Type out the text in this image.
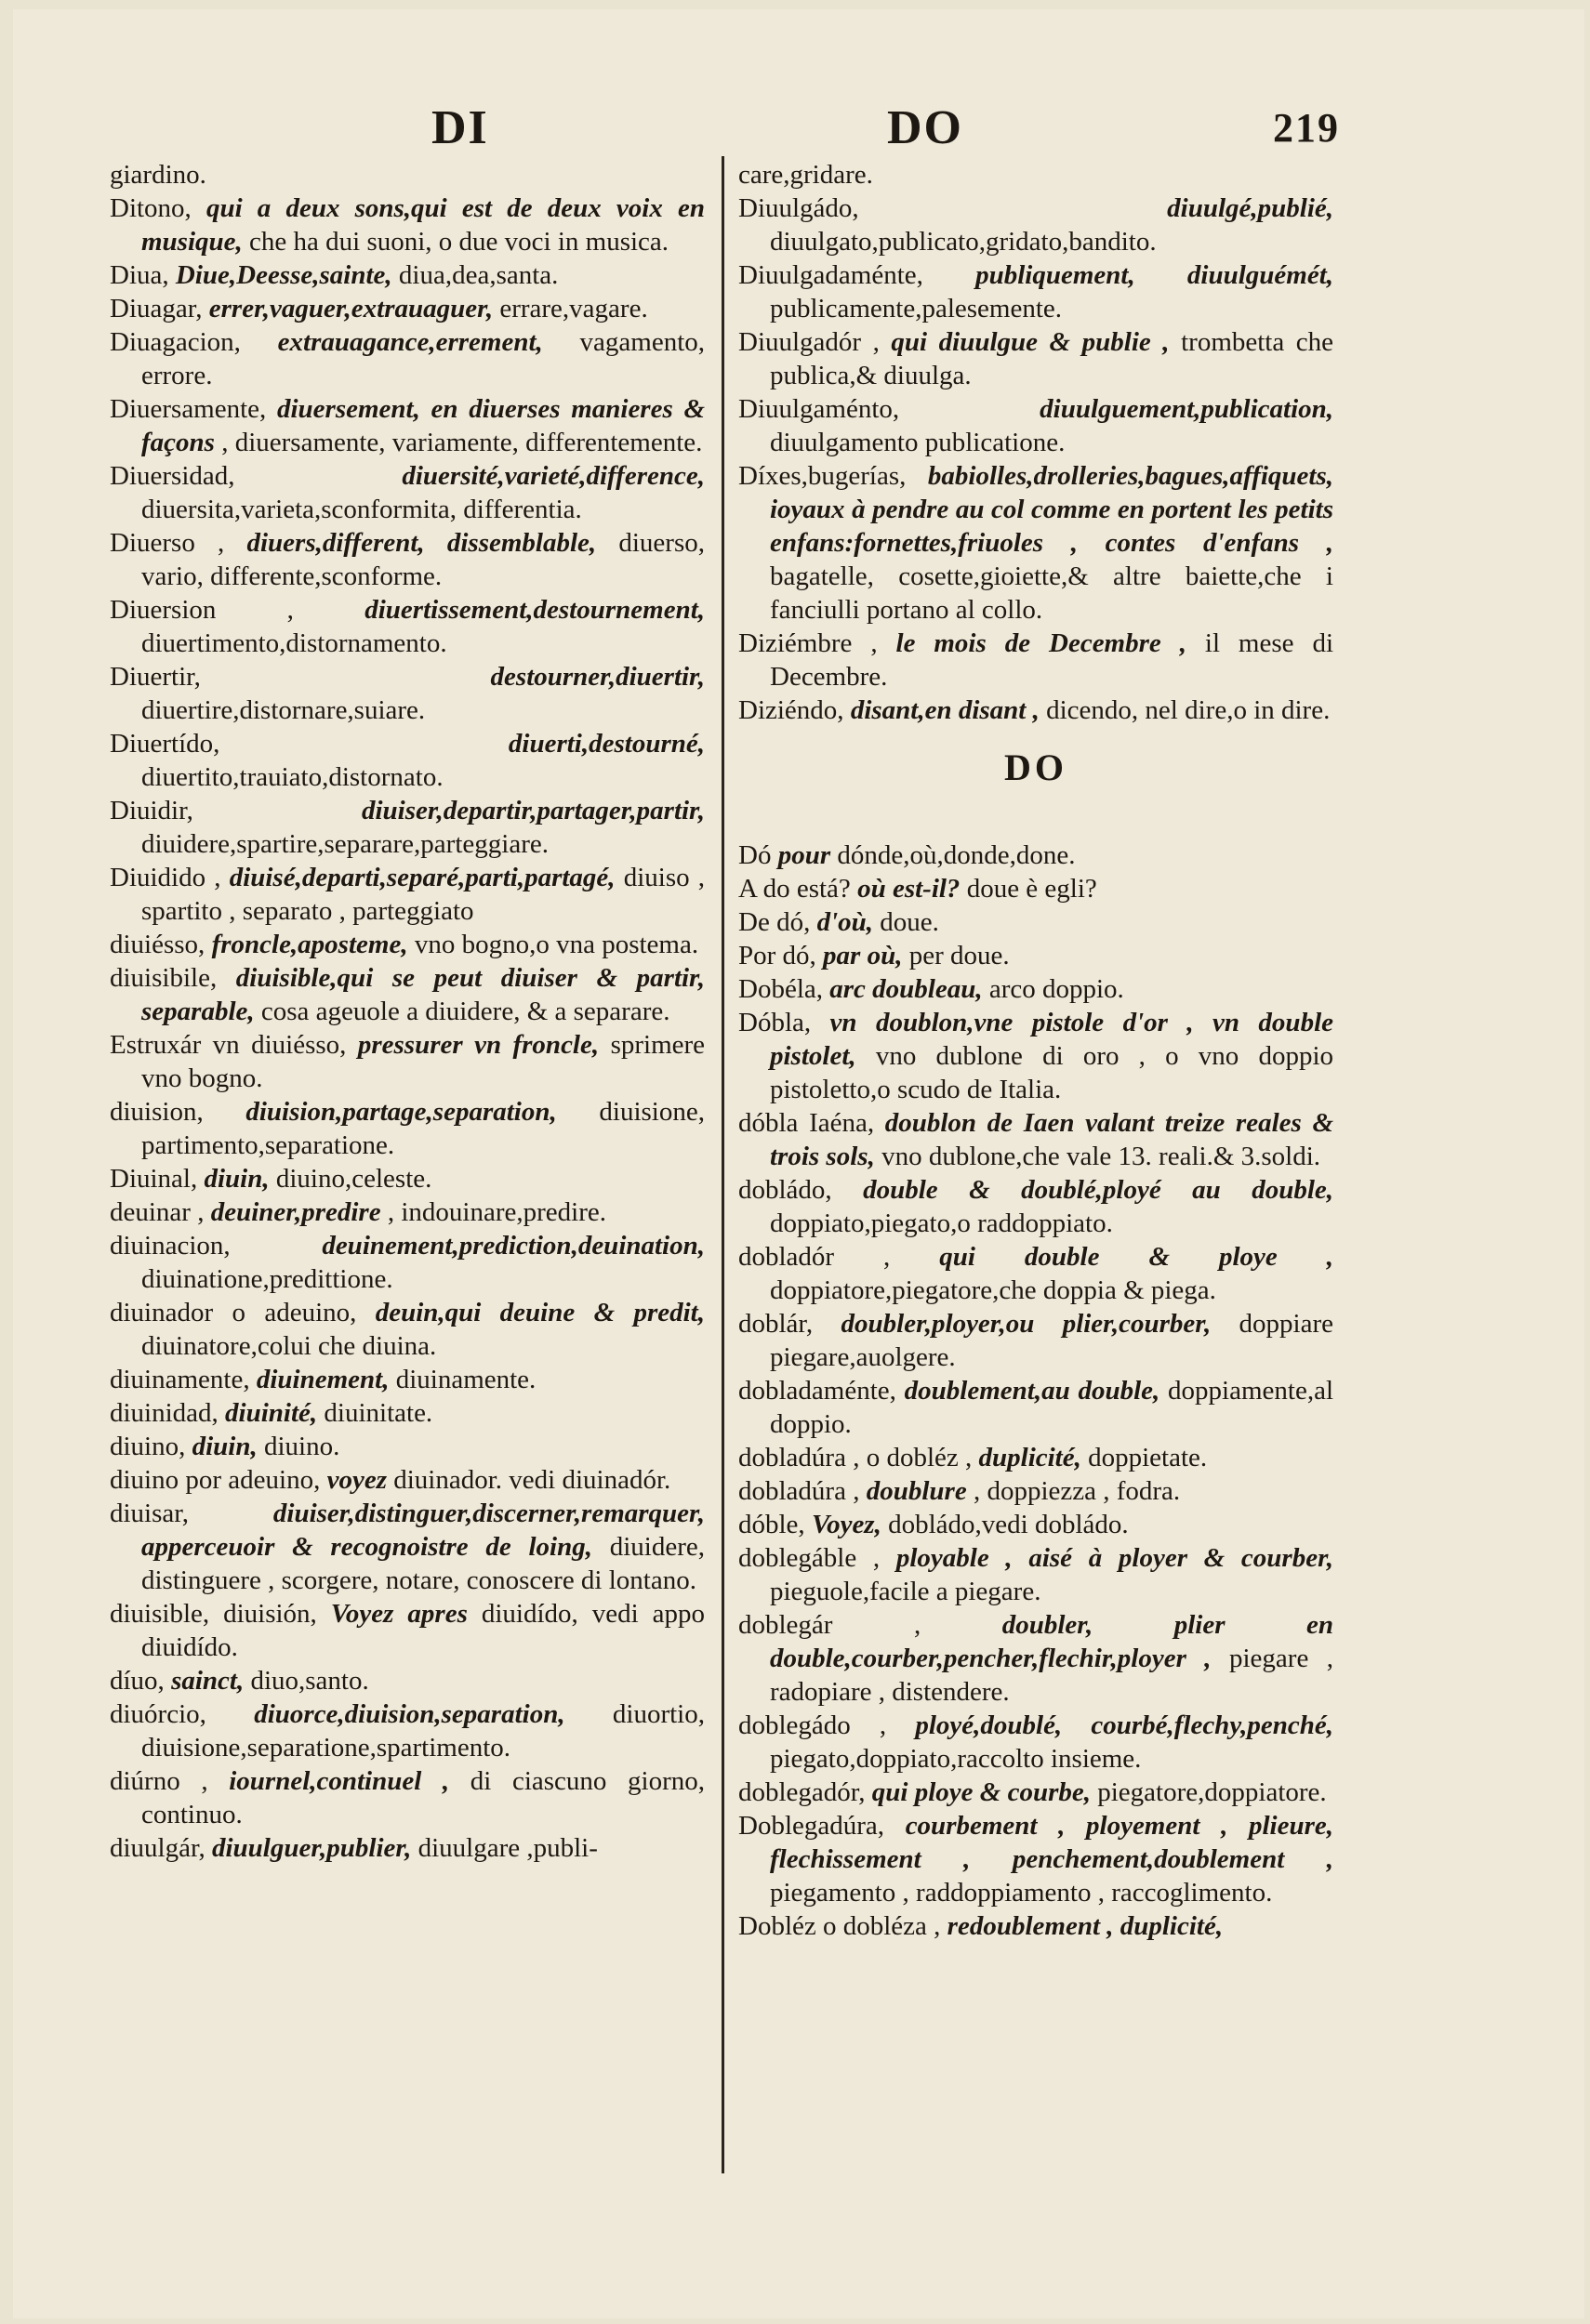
DI	DO	219

giardino.

Ditono, qui a deux sons,qui est de deux voix en musique, che ha dui suoni, o due voci in musica.

Diua, Diue,Deesse,sainte, diua,dea,santa.

Diuagar, errer,vaguer,extrauaguer, errare,vagare.

Diuagacion, extrauagance,errement, vagamento, errore.

Diuersamente, diuersement, en diuerses manieres & façons , diuersamente, variamente, differentemente.

Diuersidad,	diuersité,varieté,difference, diuersita,varieta,sconformita, differentia.

Diuerso , diuers,different, dissemblable, diuerso, vario, differente,sconforme.

Diuersion ,	diuertissement,destournement, diuertimento,distornamento.

Diuertir,	destourner,diuertir, diuertire,distornare,suiare.

Diuertído,	diuerti,destourné, diuertito,trauiato,distornato.

Diuidir,	diuiser,departir,partager,partir, diuidere,spartire,separare,parteggiare.

Diuidido , diuisé,departi,separé,parti,partagé, diuiso , spartito , separato , parteggiato

diuiésso, froncle,aposteme, vno bogno,o vna postema.

diuisibile, diuisible,qui se peut diuiser & partir, separable, cosa ageuole a diuidere, & a separare.

Estruxár vn diuiésso, pressurer vn froncle, sprimere vno bogno.

diuision, diuision,partage,separation, diuisione, partimento,separatione.

Diuinal, diuin, diuino,celeste.

deuinar , deuiner,predire , indouinare,predire.

diuinacion,	deuinement,prediction,deuination, diuinatione,predittione.

diuinador o adeuino, deuin,qui deuine & predit, diuinatore,colui che diuina.

diuinamente, diuinement, diuinamente.

diuinidad, diuinité, diuinitate.

diuino, diuin, diuino.

diuino por adeuino, voyez diuinador. vedi diuinadór.

diuisar,	diuiser,distinguer,discerner,remarquer, apperceuoir & recognoistre de loing, diuidere, distinguere , scorgere, notare, conoscere di lontano.

diuisible, diuisión, Voyez apres diuidído, vedi appo diuidído.

díuo, sainct, diuo,santo.

diuórcio, diuorce,diuision,separation, diuortio, diuisione,separatione,spartimento.

diúrno , iournel,continuel , di ciascuno giorno, continuo.

diuulgár, diuulguer,publier, diuulgare ,publi-

care,gridare.

Diuulgádo,	diuulgé,publié, diuulgato,publicato,gridato,bandito.

Diuulgadaménte, publiquement, diuulguémét, publicamente,palesemente.

Diuulgadór , qui diuulgue & publie , trombetta che publica,& diuulga.

Diuulgaménto,	diuulguement,publication, diuulgamento publicatione.

Díxes,bugerías, babiolles,drolleries,bagues,affiquets, ioyaux à pendre au col comme en portent les petits enfans:fornettes,friuoles , contes d'enfans , bagatelle, cosette,gioiette,& altre baiette,che i fanciulli portano al collo.

Diziémbre , le mois de Decembre , il mese di Decembre.

Diziéndo, disant,en disant , dicendo, nel dire,o in dire.

DO

Dó pour dónde,où,donde,done.

A do está? où est-il? doue è egli?

De dó, d'où, doue.

Por dó, par où, per doue.

Dobéla, arc doubleau, arco doppio.

Dóbla, vn doublon,vne pistole d'or , vn double pistolet, vno dublone di oro , o vno doppio pistoletto,o scudo de Italia.

dóbla Iaéna, doublon de Iaen valant treize reales & trois sols, vno dublone,che vale 13. reali.& 3.soldi.

dobládo, double & doublé,ployé au double, doppiato,piegato,o raddoppiato.

dobladór , qui double & ploye , doppiatore,piegatore,che doppia & piega.

doblár, doubler,ployer,ou plier,courber, doppiare piegare,auolgere.

dobladaménte, doublement,au double, doppiamente,al doppio.

dobladúra , o dobléz , duplicité, doppietate.

dobladúra , doublure , doppiezza , fodra.

dóble, Voyez, dobládo,vedi dobládo.

doblegáble , ployable , aisé à ployer & courber, pieguole,facile a piegare.

doblegár ,	doubler, plier en double,courber,pencher,flechir,ployer , piegare , radopiare , distendere.

doblegádo , ployé,doublé, courbé,flechy,penché, piegato,doppiato,raccolto insieme.

doblegadór, qui ploye & courbe, piegatore,doppiatore.

Doblegadúra, courbement , ployement , plieure, flechissement , penchement,doublement , piegamento , raddoppiamento , raccoglimento.

Dobléz o dobléza , redoublement , duplicité,
